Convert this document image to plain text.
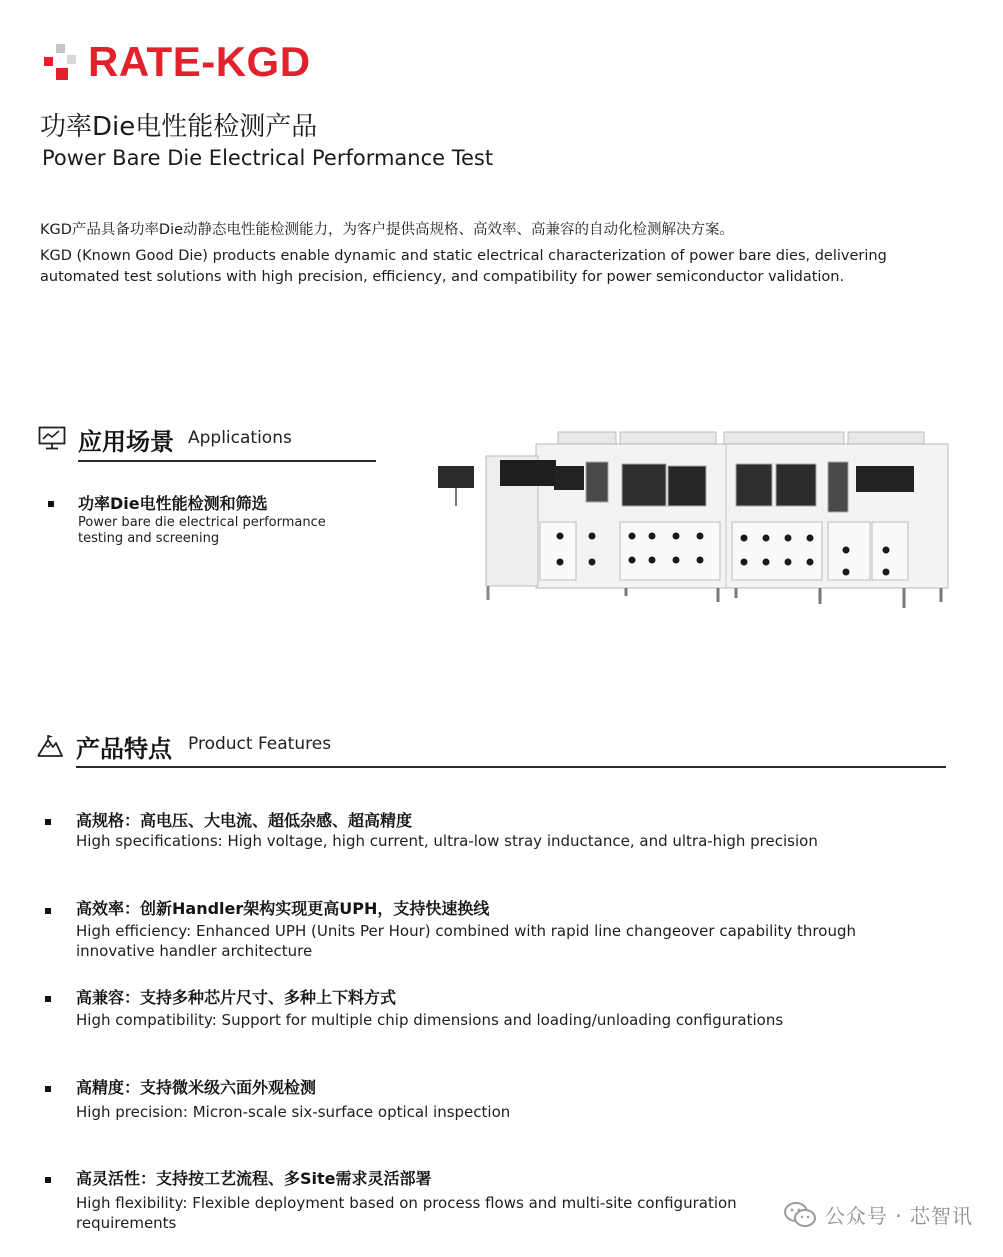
RATE-KGD
功率Die电性能检测产品
Power Bare Die Electrical Performance Test
KGD产品具备功率Die动静态电性能检测能力，为客户提供高规格、高效率、高兼容的自动化检测解决方案。
KGD (Known Good Die) products enable dynamic and static electrical characterization of power bare dies, delivering automated test solutions with high precision, efficiency, and compatibility for power semiconductor validation.
应用场景 Applications
功率Die电性能检测和筛选
Power bare die electrical performance testing and screening
产品特点 Product Features
高规格：高电压、大电流、超低杂感、超高精度
High specifications: High voltage, high current, ultra-low stray inductance, and ultra-high precision
高效率：创新Handler架构实现更高UPH，支持快速换线
High efficiency: Enhanced UPH (Units Per Hour) combined with rapid line changeover capability through innovative handler architecture
高兼容：支持多种芯片尺寸、多种上下料方式
High compatibility: Support for multiple chip dimensions and loading/unloading configurations
高精度：支持微米级六面外观检测
High precision: Micron-scale six-surface optical inspection
高灵活性：支持按工艺流程、多Site需求灵活部署
High flexibility: Flexible deployment based on process flows and multi-site configuration requirements	公众号 · 芯智讯
